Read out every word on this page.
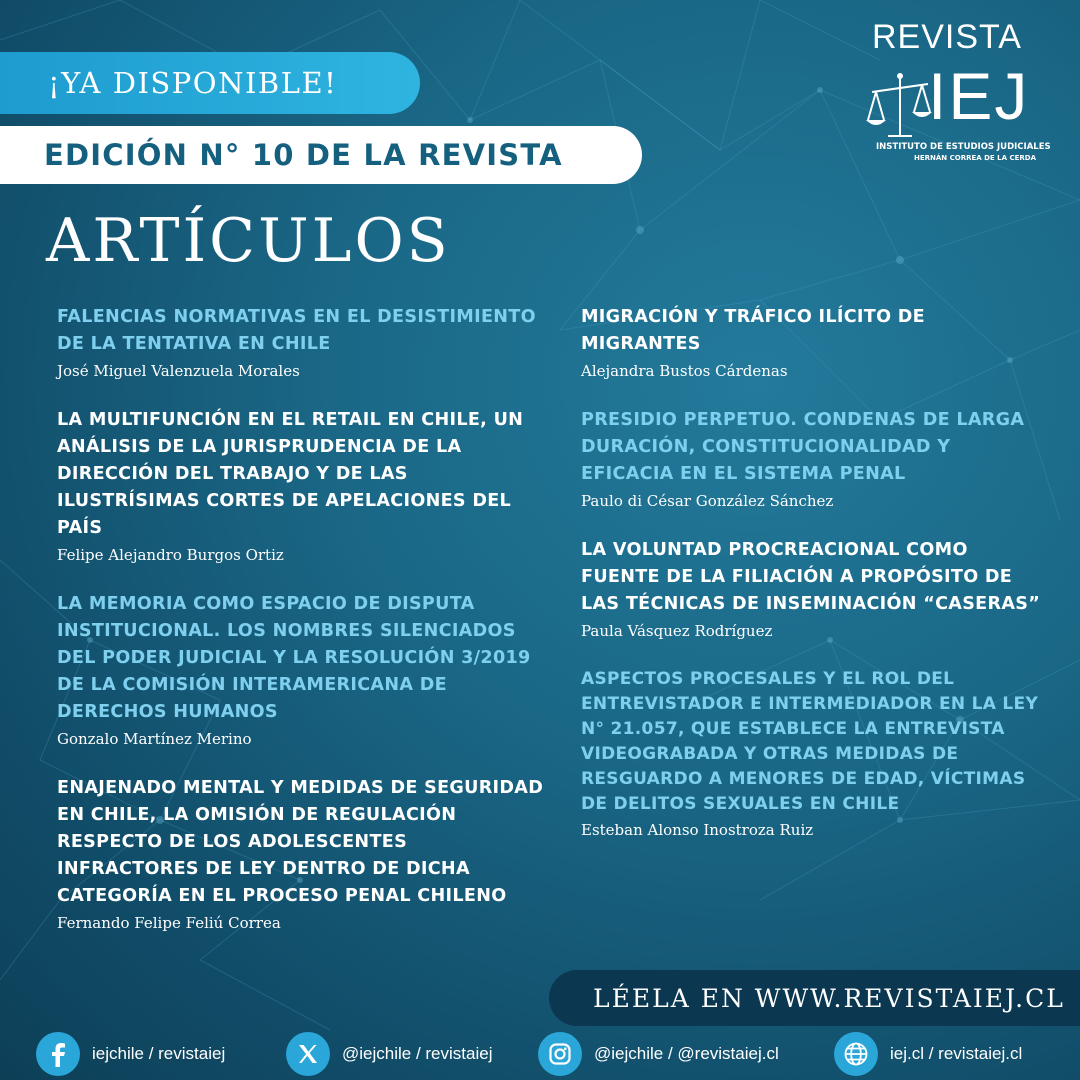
¡YA DISPONIBLE!
EDICIÓN N° 10 DE LA REVISTA
ARTÍCULOS
REVISTA
IEJ
INSTITUTO DE ESTUDIOS JUDICIALES
HERNÁN CORREA DE LA CERDA
FALENCIAS NORMATIVAS EN EL DESISTIMIENTO DE LA TENTATIVA EN CHILE
José Miguel Valenzuela Morales
LA MULTIFUNCIÓN EN EL RETAIL EN CHILE, UN ANÁLISIS DE LA JURISPRUDENCIA DE LA DIRECCIÓN DEL TRABAJO Y DE LAS ILUSTRÍSIMAS CORTES DE APELACIONES DEL PAÍS
Felipe Alejandro Burgos Ortiz
LA MEMORIA COMO ESPACIO DE DISPUTA INSTITUCIONAL. LOS NOMBRES SILENCIADOS DEL PODER JUDICIAL Y LA RESOLUCIÓN 3/2019 DE LA COMISIÓN INTERAMERICANA DE DERECHOS HUMANOS
Gonzalo Martínez Merino
ENAJENADO MENTAL Y MEDIDAS DE SEGURIDAD EN CHILE, LA OMISIÓN DE REGULACIÓN RESPECTO DE LOS ADOLESCENTES INFRACTORES DE LEY DENTRO DE DICHA CATEGORÍA EN EL PROCESO PENAL CHILENO
Fernando Felipe Feliú Correa
MIGRACIÓN Y TRÁFICO ILÍCITO DE MIGRANTES
Alejandra Bustos Cárdenas
PRESIDIO PERPETUO. CONDENAS DE LARGA DURACIÓN, CONSTITUCIONALIDAD Y EFICACIA EN EL SISTEMA PENAL
Paulo di César González Sánchez
LA VOLUNTAD PROCREACIONAL COMO FUENTE DE LA FILIACIÓN A PROPÓSITO DE LAS TÉCNICAS DE INSEMINACIÓN “CASERAS”
Paula Vásquez Rodríguez
ASPECTOS PROCESALES Y EL ROL DEL ENTREVISTADOR E INTERMEDIADOR EN LA LEY N° 21.057, QUE ESTABLECE LA ENTREVISTA VIDEOGRABADA Y OTRAS MEDIDAS DE RESGUARDO A MENORES DE EDAD, VÍCTIMAS DE DELITOS SEXUALES EN CHILE
Esteban Alonso Inostroza Ruiz
LÉELA EN WWW.REVISTAIEJ.CL
iejchile / revistaiej	@iejchile / revistaiej	@iejchile / @revistaiej.cl	iej.cl / revistaiej.cl
